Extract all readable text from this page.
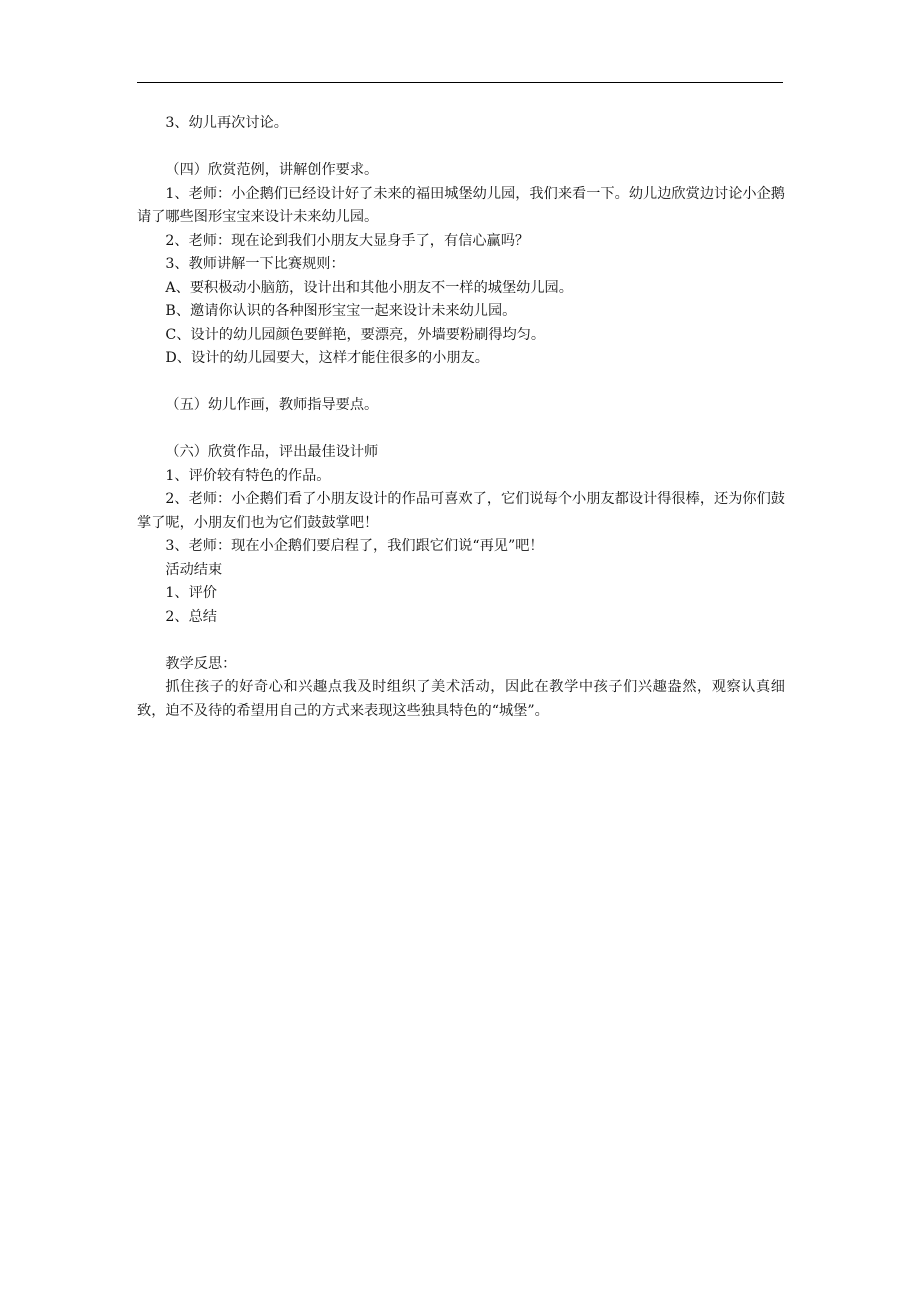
3、幼儿再次讨论。

（四）欣赏范例，讲解创作要求。

1、老师：小企鹅们已经设计好了未来的福田城堡幼儿园，我们来看一下。幼儿边欣赏边讨论小企鹅请了哪些图形宝宝来设计未来幼儿园。

2、老师：现在论到我们小朋友大显身手了，有信心赢吗？

3、教师讲解一下比赛规则：

A、要积极动小脑筋，设计出和其他小朋友不一样的城堡幼儿园。

B、邀请你认识的各种图形宝宝一起来设计未来幼儿园。

C、设计的幼儿园颜色要鲜艳，要漂亮，外墙要粉刷得均匀。

D、设计的幼儿园要大，这样才能住很多的小朋友。

（五）幼儿作画，教师指导要点。

（六）欣赏作品，评出最佳设计师

1、评价较有特色的作品。

2、老师：小企鹅们看了小朋友设计的作品可喜欢了，它们说每个小朋友都设计得很棒，还为你们鼓掌了呢，小朋友们也为它们鼓鼓掌吧！

3、老师：现在小企鹅们要启程了，我们跟它们说“再见”吧！

活动结束

1、评价

2、总结

教学反思：

抓住孩子的好奇心和兴趣点我及时组织了美术活动，因此在教学中孩子们兴趣盎然，观察认真细致，迫不及待的希望用自己的方式来表现这些独具特色的“城堡”。
